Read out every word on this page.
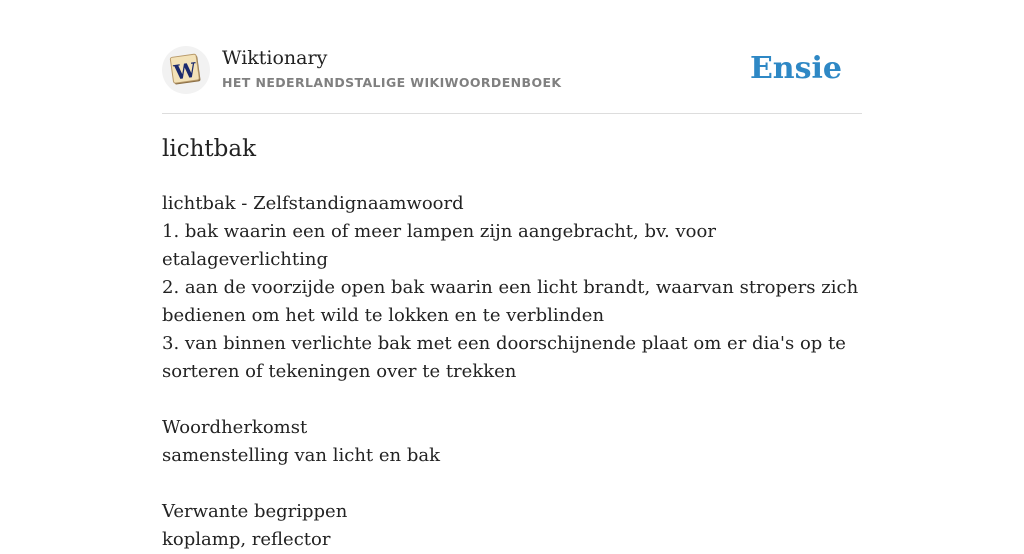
W Wiktionary
HET NEDERLANDSTALIGE WIKIWOORDENBOEK	Ensie
lichtbak
lichtbak - Zelfstandignaamwoord
1. bak waarin een of meer lampen zijn aangebracht, bv. voor etalageverlichting
2. aan de voorzijde open bak waarin een licht brandt, waarvan stropers zich
bedienen om het wild te lokken en te verblinden
3. van binnen verlichte bak met een doorschijnende plaat om er dia's op te
sorteren of tekeningen over te trekken
Woordherkomst
samenstelling van licht en bak
Verwante begrippen
koplamp, reflector
